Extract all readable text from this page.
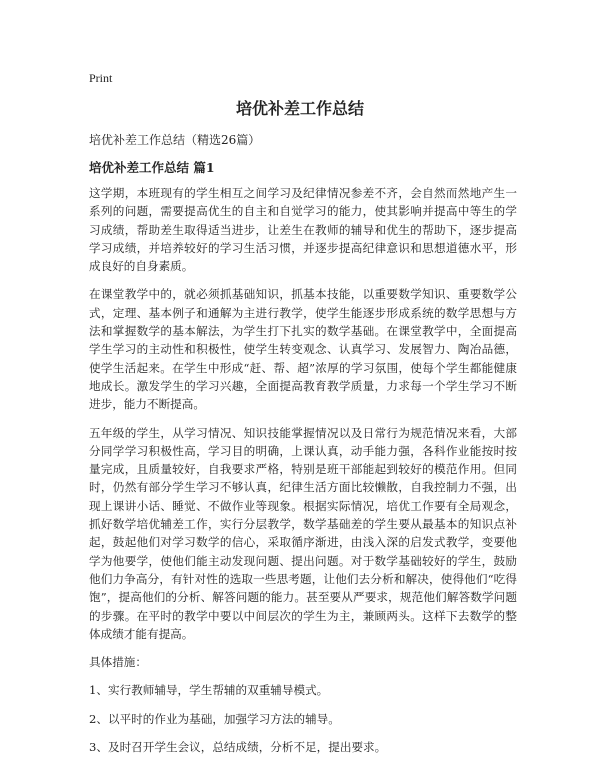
Print
培优补差工作总结

培优补差工作总结（精选26篇）

培优补差工作总结 篇1

这学期，本班现有的学生相互之间学习及纪律情况参差不齐，会自然而然地产生一系列的问题，需要提高优生的自主和自觉学习的能力，使其影响并提高中等生的学习成绩，帮助差生取得适当进步，让差生在教师的辅导和优生的帮助下，逐步提高学习成绩，并培养较好的学习生活习惯，并逐步提高纪律意识和思想道德水平，形成良好的自身素质。

在课堂教学中的，就必须抓基础知识，抓基本技能，以重要数学知识、重要数学公式，定理、基本例子和通解为主进行教学，使学生能逐步形成系统的数学思想与方法和掌握数学的基本解法，为学生打下扎实的数学基础。在课堂教学中，全面提高学生学习的主动性和积极性，使学生转变观念、认真学习、发展智力、陶冶品德，使学生活起来。在学生中形成“赶、帮、超”浓厚的学习氛围，使每个学生都能健康地成长。激发学生的学习兴趣，全面提高教育教学质量，力求每一个学生学习不断进步，能力不断提高。

五年级的学生，从学习情况、知识技能掌握情况以及日常行为规范情况来看，大部分同学学习积极性高，学习目的明确，上课认真，动手能力强，各科作业能按时按量完成，且质量较好，自我要求严格，特别是班干部能起到较好的模范作用。但同时，仍然有部分学生学习不够认真，纪律生活方面比较懒散，自我控制力不强，出现上课讲小话、睡觉、不做作业等现象。根据实际情况，培优工作要有全局观念，抓好数学培优辅差工作，实行分层教学，数学基础差的学生要从最基本的知识点补起，鼓起他们对学习数学的信心，采取循序渐进，由浅入深的启发式教学，变要他学为他要学，使他们能主动发现问题、提出问题。对于数学基础较好的学生，鼓励他们力争高分，有针对性的选取一些思考题，让他们去分析和解决，使得他们“吃得饱”，提高他们的分析、解答问题的能力。甚至要从严要求，规范他们解答数学问题的步骤。在平时的教学中要以中间层次的学生为主，兼顾两头。这样下去数学的整体成绩才能有提高。

具体措施：

1、实行教师辅导，学生帮辅的双重辅导模式。

2、以平时的作业为基础，加强学习方法的辅导。

3、及时召开学生会议，总结成绩，分析不足，提出要求。
